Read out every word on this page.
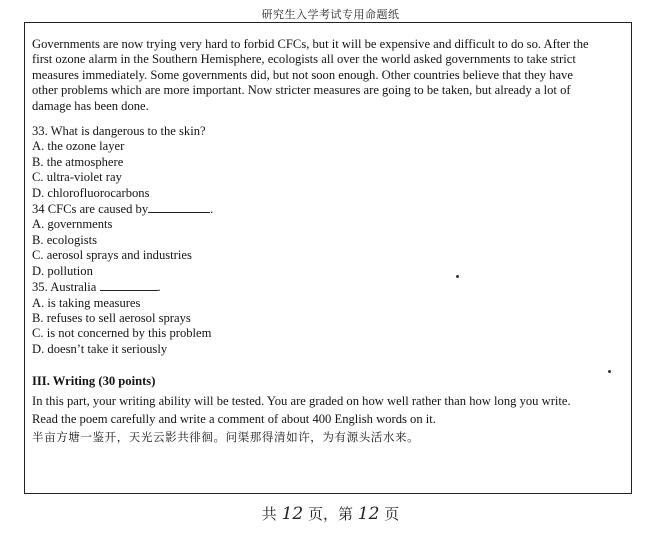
研究生入学考试专用命题纸

Governments are now trying very hard to forbid CFCs, but it will be expensive and difficult to do so. After the
first ozone alarm in the Southern Hemisphere, ecologists all over the world asked governments to take strict
measures immediately. Some governments did, but not soon enough. Other countries believe that they have
other problems which are more important. Now stricter measures are going to be taken, but already a lot of
damage has been done.

33. What is dangerous to the skin?

A. the ozone layer

B. the atmosphere

C. ultra-violet ray

D. chlorofluorocarbons

34 CFCs are caused by	.

A. governments

B. ecologists

C. aerosol sprays and industries

D. pollution

35. Australia	.

A. is taking measures

B. refuses to sell aerosol sprays

C. is not concerned by this problem

D. doesn’t take it seriously

III. Writing (30 points)

In this part, your writing ability will be tested. You are graded on how well rather than how long you write.

Read the poem carefully and write a comment of about 400 English words on it.

半亩方塘一鉴开，天光云影共徘徊。问渠那得清如许，为有源头活水来。

共 12 页，第 12 页
